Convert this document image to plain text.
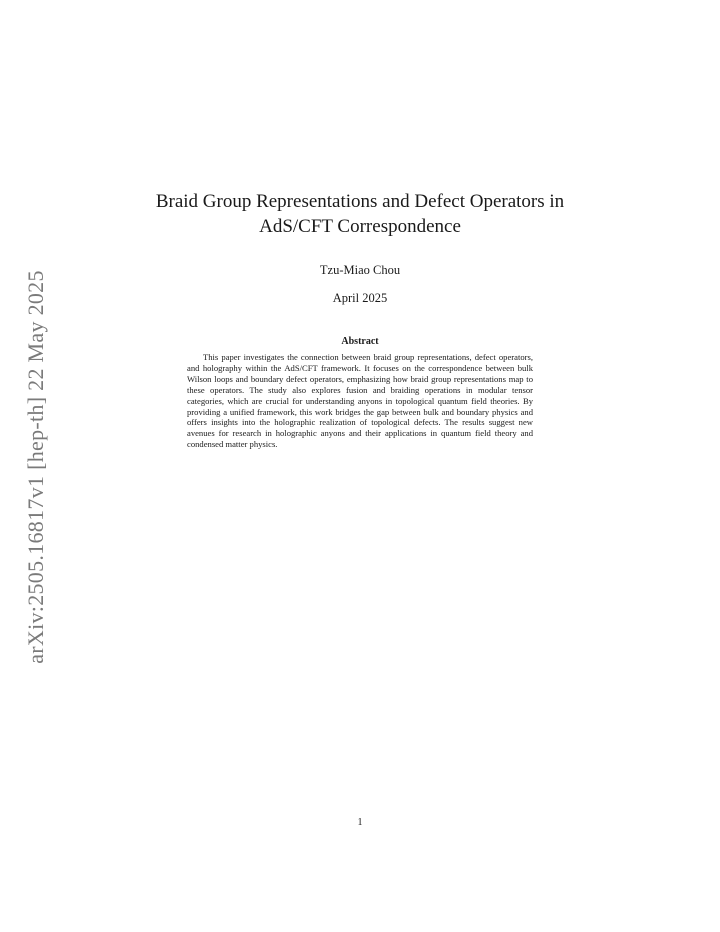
arXiv:2505.16817v1 [hep-th] 22 May 2025
Braid Group Representations and Defect Operators in AdS/CFT Correspondence
Tzu-Miao Chou
April 2025
Abstract
This paper investigates the connection between braid group representations, defect operators, and holography within the AdS/CFT framework. It focuses on the correspondence between bulk Wilson loops and boundary defect operators, emphasizing how braid group representations map to these operators. The study also explores fusion and braiding operations in modular tensor categories, which are crucial for understanding anyons in topological quantum field theories. By providing a unified framework, this work bridges the gap between bulk and boundary physics and offers insights into the holographic realization of topological defects. The results suggest new avenues for research in holographic anyons and their applications in quantum field theory and condensed matter physics.
1
